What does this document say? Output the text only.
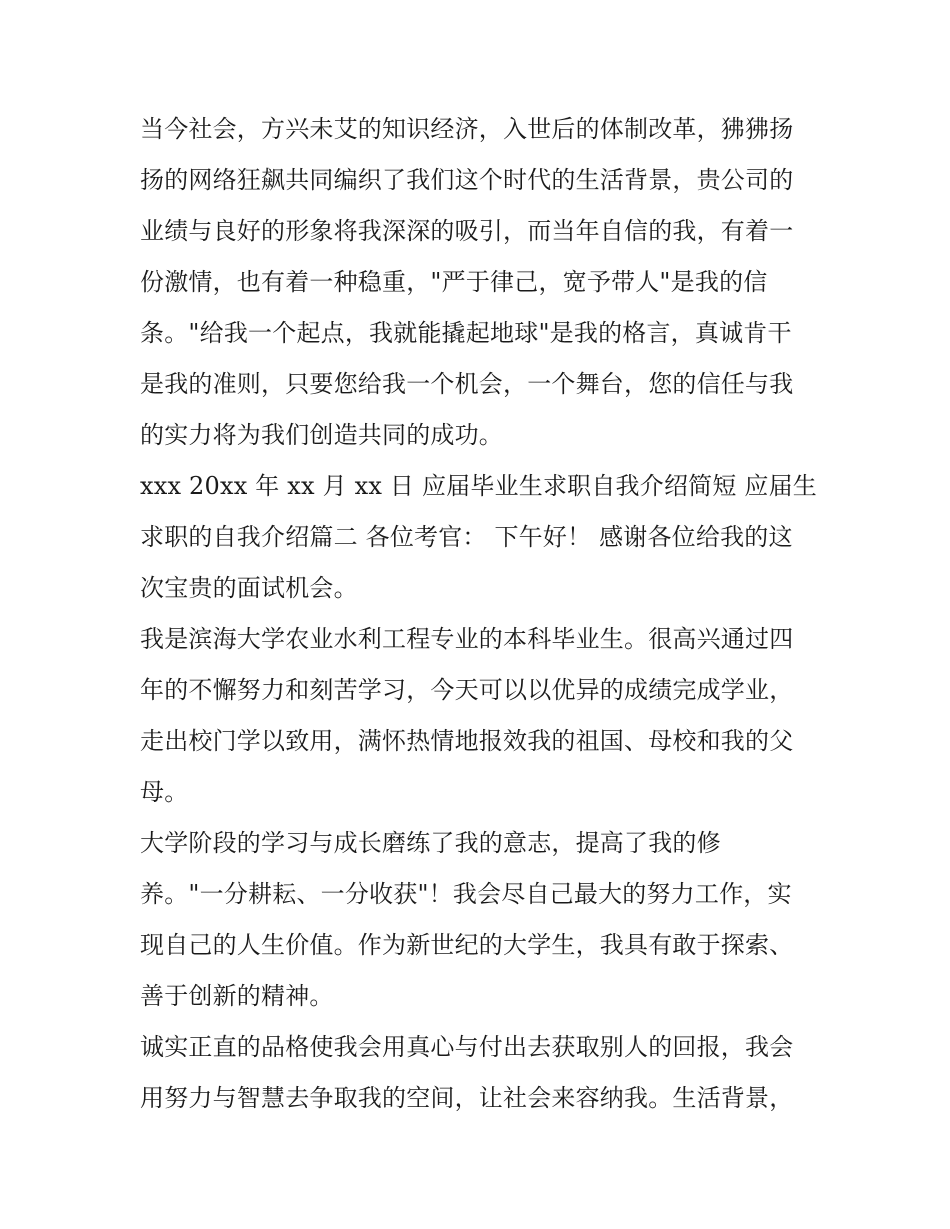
当今社会，方兴未艾的知识经济，入世后的体制改革，狒狒扬
扬的网络狂飙共同编织了我们这个时代的生活背景，贵公司的
业绩与良好的形象将我深深的吸引，而当年自信的我，有着一
份激情，也有着一种稳重，"严于律己，宽予带人"是我的信
条。"给我一个起点，我就能撬起地球"是我的格言，真诚肯干
是我的准则，只要您给我一个机会，一个舞台，您的信任与我
的实力将为我们创造共同的成功。

xxx 20xx 年 xx 月 xx 日 应届毕业生求职自我介绍简短 应届生
求职的自我介绍篇二 各位考官： 下午好！ 感谢各位给我的这
次宝贵的面试机会。

我是滨海大学农业水利工程专业的本科毕业生。很高兴通过四
年的不懈努力和刻苦学习，今天可以以优异的成绩完成学业，
走出校门学以致用，满怀热情地报效我的祖国、母校和我的父
母。

大学阶段的学习与成长磨练了我的意志，提高了我的修
养。"一分耕耘、一分收获"！我会尽自己最大的努力工作，实
现自己的人生价值。作为新世纪的大学生，我具有敢于探索、
善于创新的精神。

诚实正直的品格使我会用真心与付出去获取别人的回报，我会
用努力与智慧去争取我的空间，让社会来容纳我。生活背景，
